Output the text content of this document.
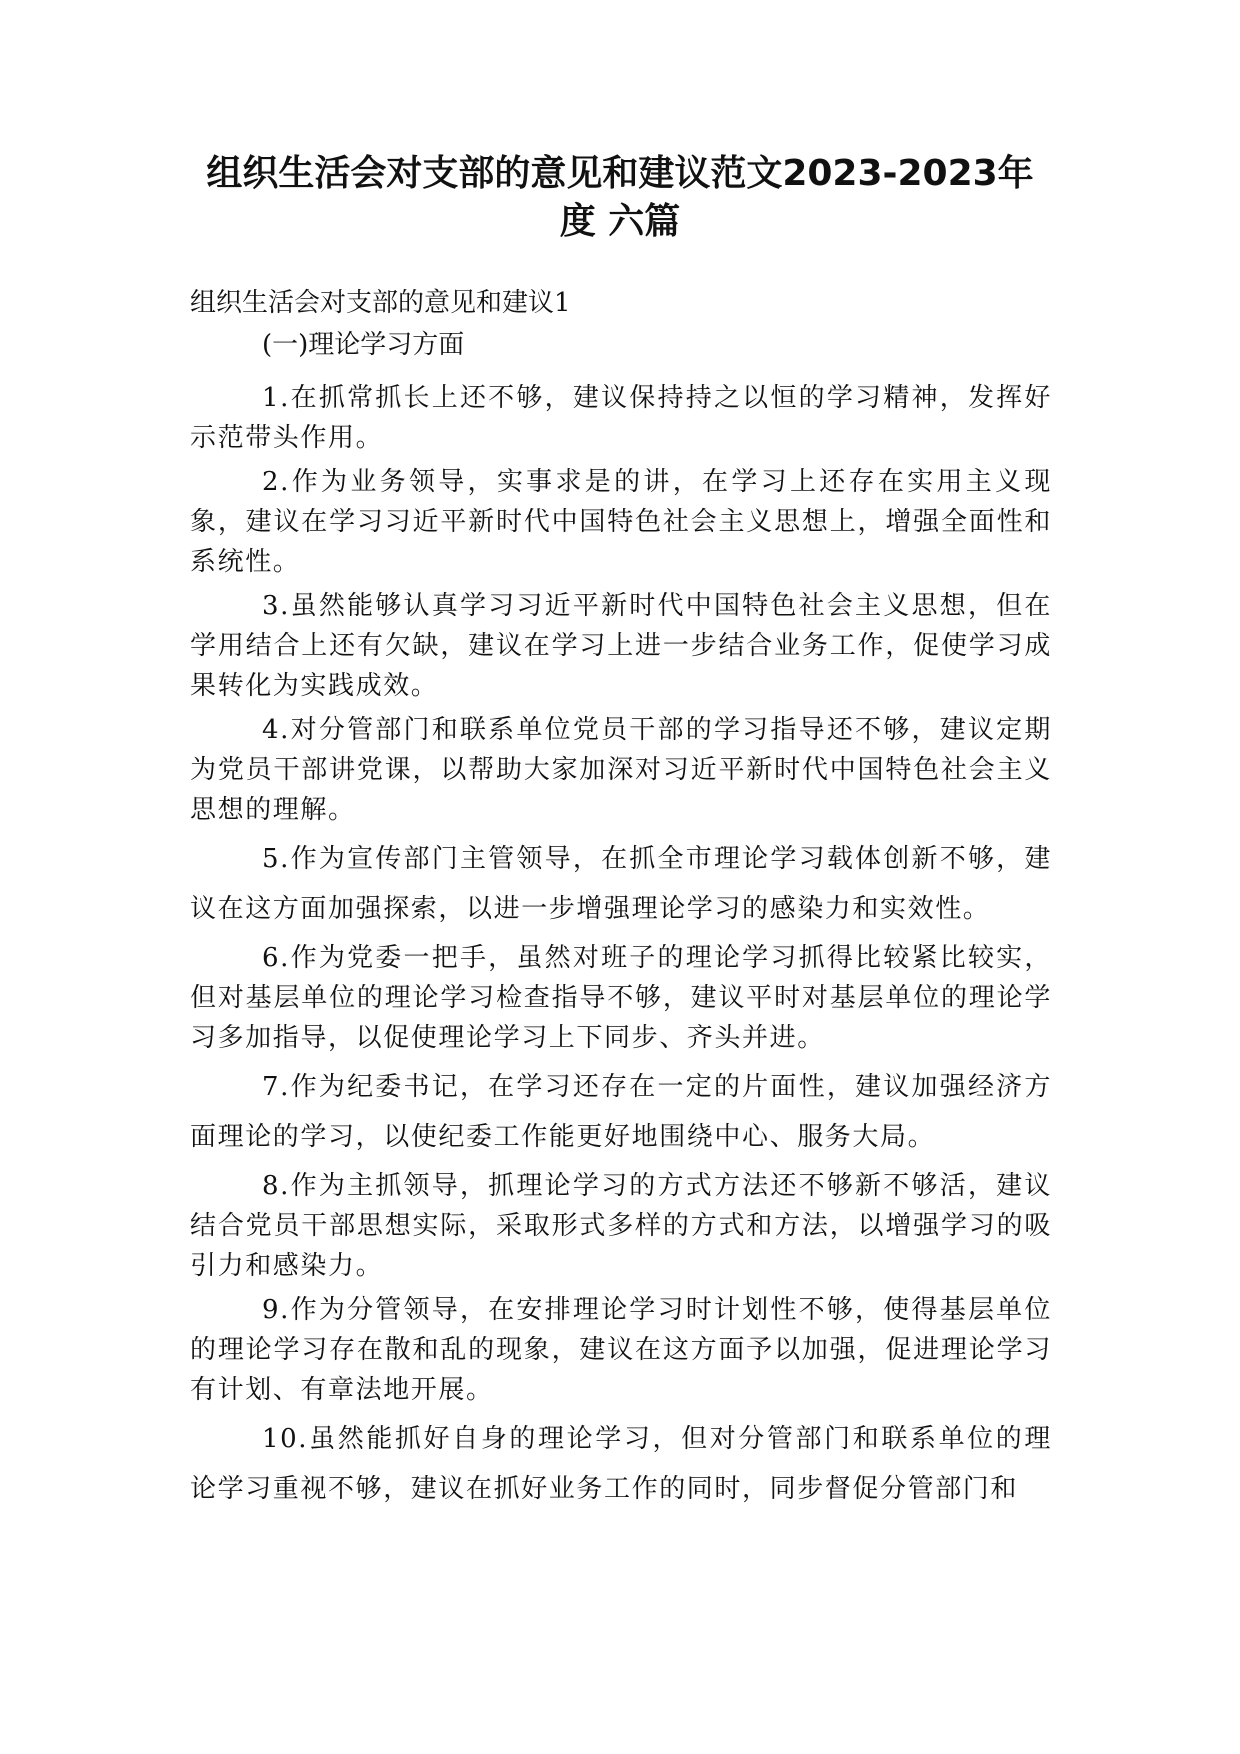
组织生活会对支部的意见和建议范文2023-2023年度 六篇

组织生活会对支部的意见和建议1

(一)理论学习方面

1.在抓常抓长上还不够，建议保持持之以恒的学习精神，发挥好示范带头作用。

2.作为业务领导，实事求是的讲，在学习上还存在实用主义现象，建议在学习习近平新时代中国特色社会主义思想上，增强全面性和系统性。

3.虽然能够认真学习习近平新时代中国特色社会主义思想，但在学用结合上还有欠缺，建议在学习上进一步结合业务工作，促使学习成果转化为实践成效。

4.对分管部门和联系单位党员干部的学习指导还不够，建议定期为党员干部讲党课，以帮助大家加深对习近平新时代中国特色社会主义思想的理解。

5.作为宣传部门主管领导，在抓全市理论学习载体创新不够，建议在这方面加强探索，以进一步增强理论学习的感染力和实效性。

6.作为党委一把手，虽然对班子的理论学习抓得比较紧比较实，但对基层单位的理论学习检查指导不够，建议平时对基层单位的理论学习多加指导，以促使理论学习上下同步、齐头并进。

7.作为纪委书记，在学习还存在一定的片面性，建议加强经济方面理论的学习，以使纪委工作能更好地围绕中心、服务大局。

8.作为主抓领导，抓理论学习的方式方法还不够新不够活，建议结合党员干部思想实际，采取形式多样的方式和方法，以增强学习的吸引力和感染力。

9.作为分管领导，在安排理论学习时计划性不够，使得基层单位的理论学习存在散和乱的现象，建议在这方面予以加强，促进理论学习有计划、有章法地开展。

10.虽然能抓好自身的理论学习，但对分管部门和联系单位的理论学习重视不够，建议在抓好业务工作的同时，同步督促分管部门和
